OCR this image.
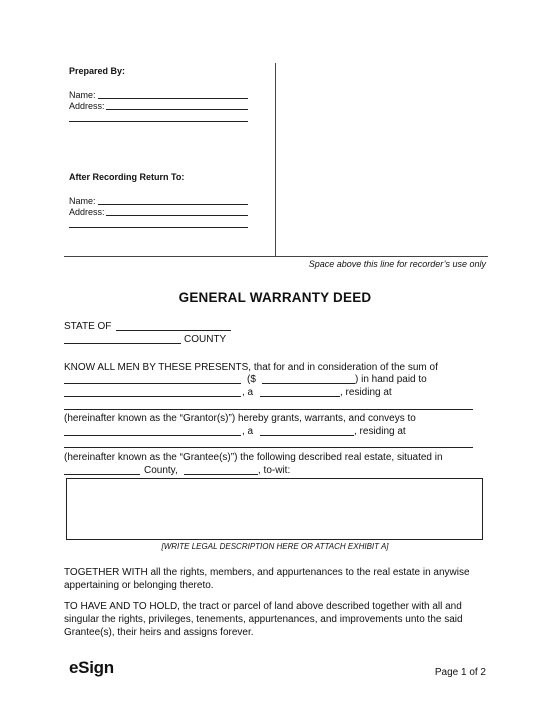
Prepared By:
Name:
Address:
After Recording Return To:
Name:
Address:
Space above this line for recorder’s use only
GENERAL WARRANTY DEED
STATE OF
COUNTY
KNOW ALL MEN BY THESE PRESENTS, that for and in consideration of the sum of
($	) in hand paid to
, a	, residing at
(hereinafter known as the “Grantor(s)”) hereby grants, warrants, and conveys to
, a	, residing at
(hereinafter known as the “Grantee(s)”) the following described real estate, situated in
County,	, to-wit:
[WRITE LEGAL DESCRIPTION HERE OR ATTACH EXHIBIT A]
TOGETHER WITH all the rights, members, and appurtenances to the real estate in anywise appertaining or belonging thereto.
TO HAVE AND TO HOLD, the tract or parcel of land above described together with all and singular the rights, privileges, tenements, appurtenances, and improvements unto the said Grantee(s), their heirs and assigns forever.
eSign	Page 1 of 2
